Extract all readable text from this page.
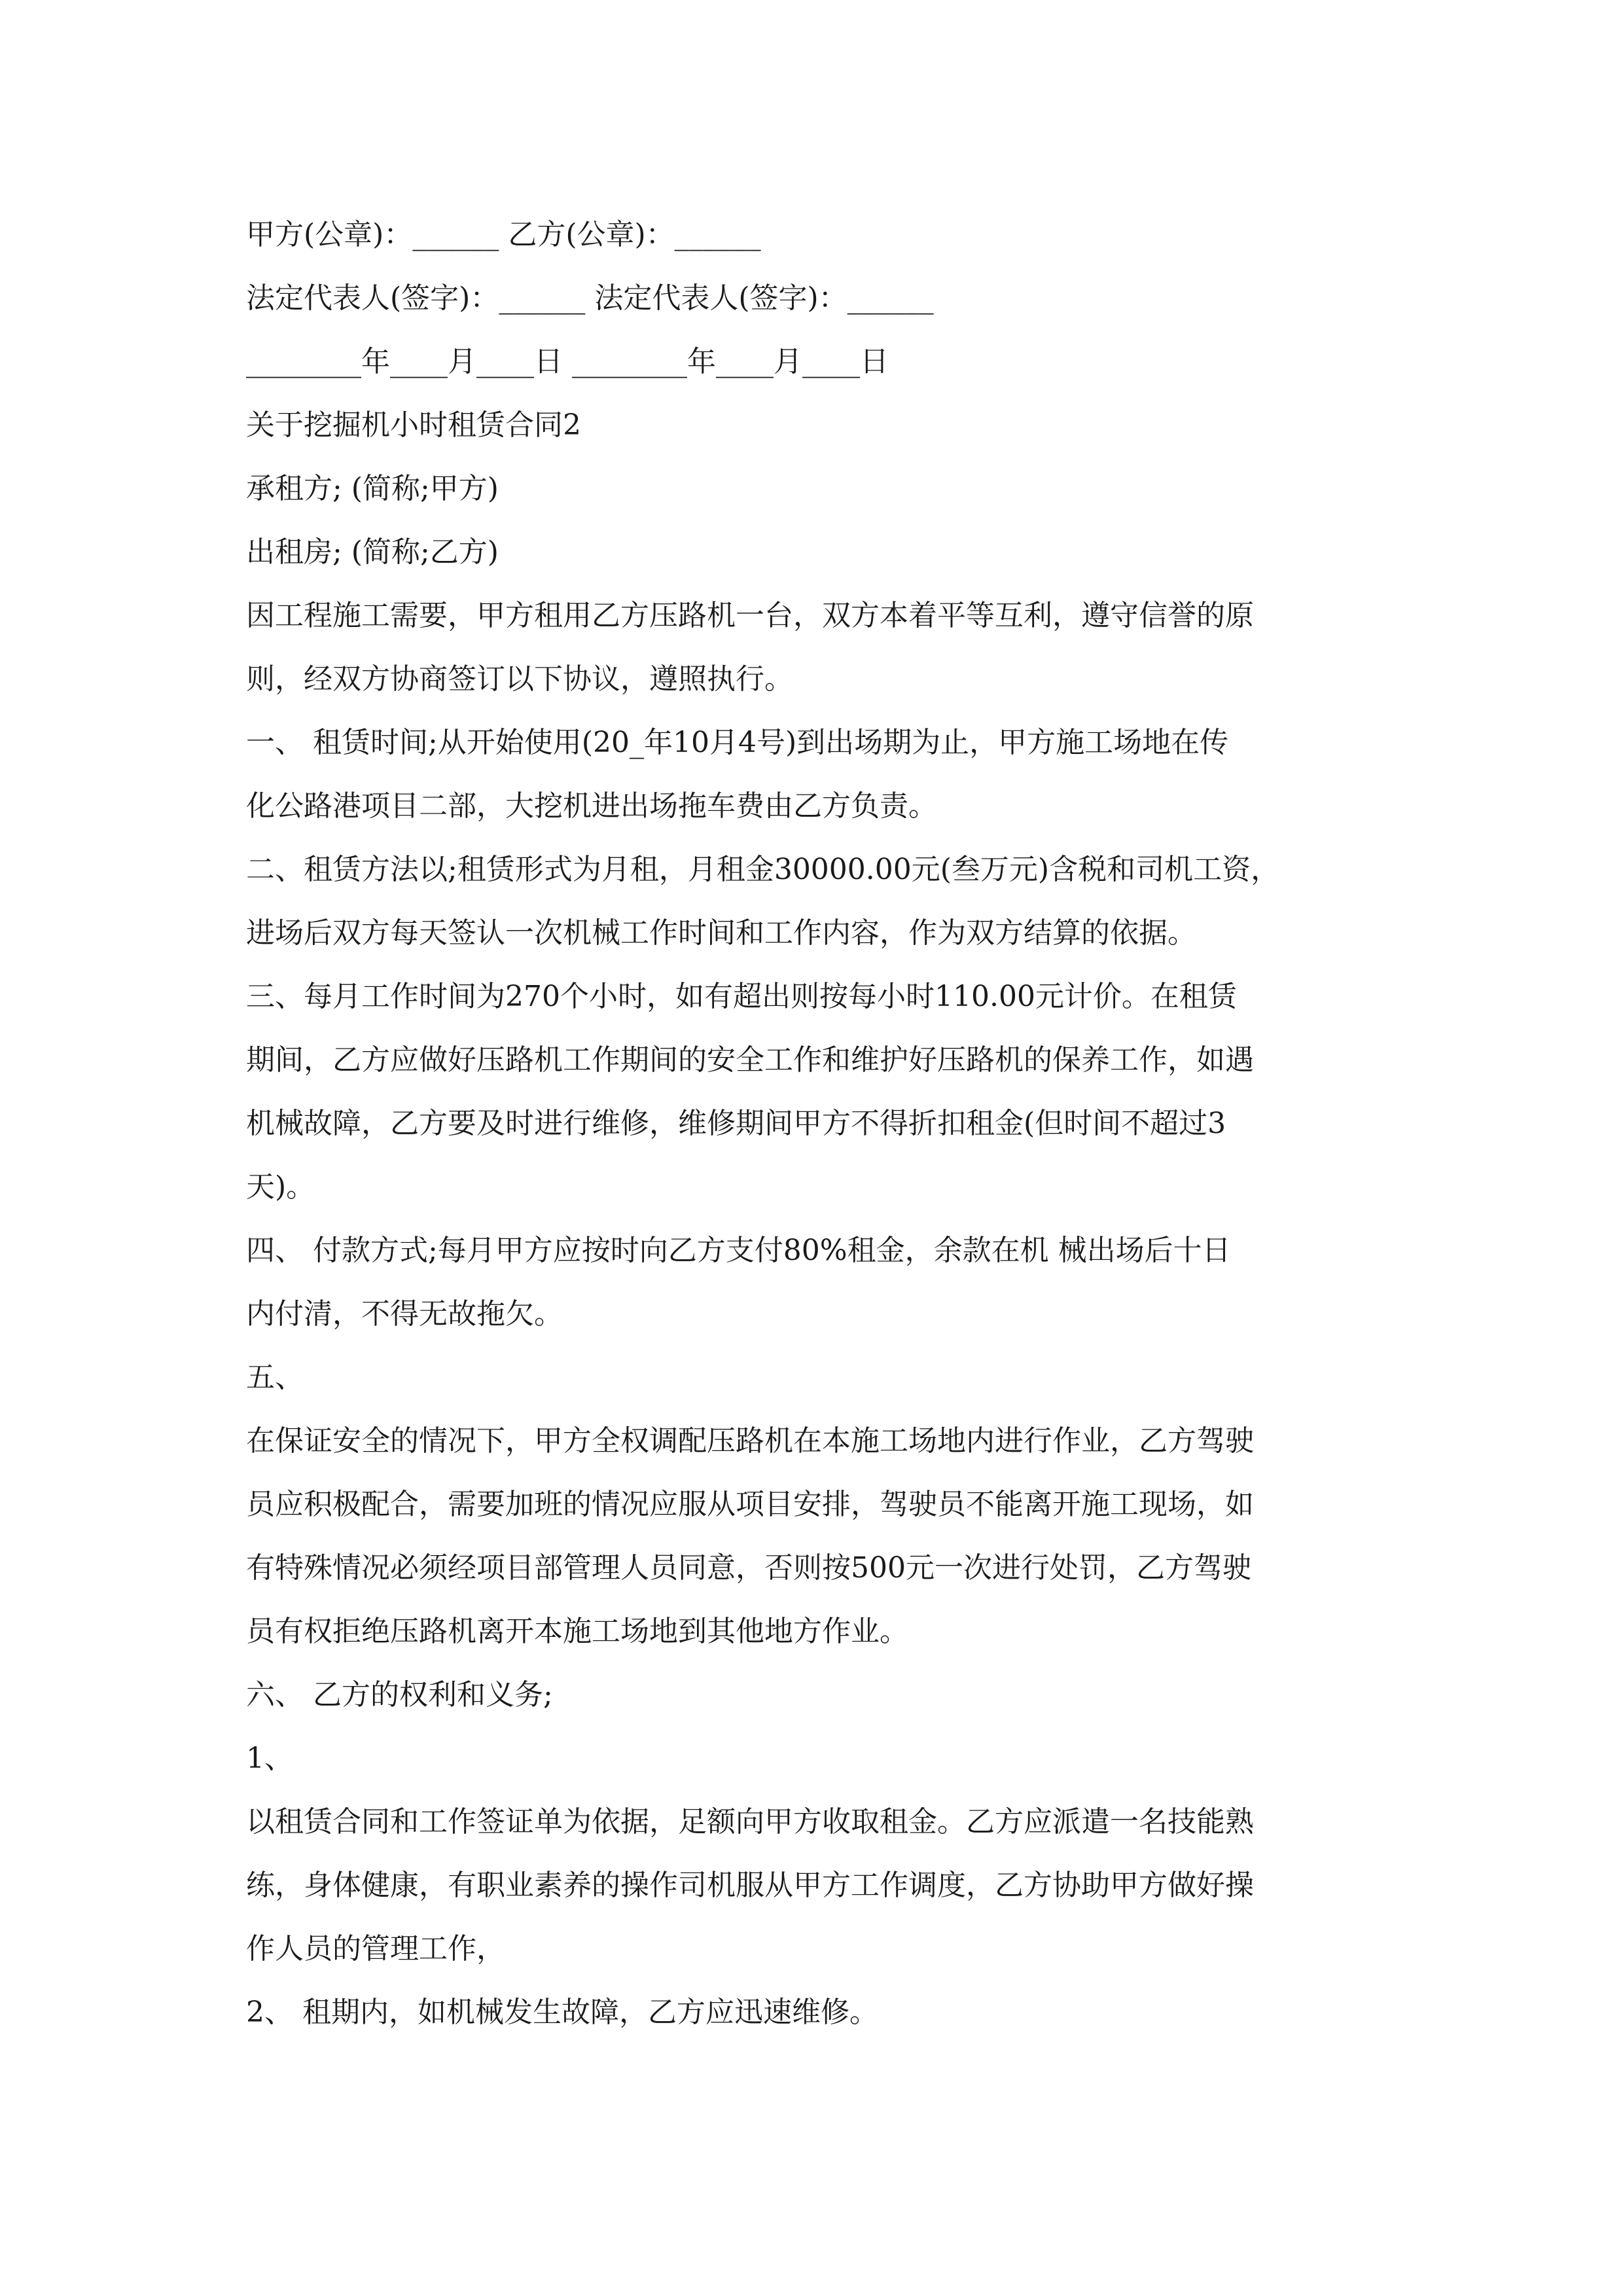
甲方(公章)：______ 乙方(公章)：______
法定代表人(签字)：______ 法定代表人(签字)：______
________年____月____日 ________年____月____日
关于挖掘机小时租赁合同2
承租方; (简称;甲方)
出租房; (简称;乙方)
因工程施工需要，甲方租用乙方压路机一台，双方本着平等互利，遵守信誉的原
则，经双方协商签订以下协议，遵照执行。
一、 租赁时间;从开始使用(20_年10月4号)到出场期为止，甲方施工场地在传
化公路港项目二部，大挖机进出场拖车费由乙方负责。
二、租赁方法以;租赁形式为月租，月租金30000.00元(叁万元)含税和司机工资，
进场后双方每天签认一次机械工作时间和工作内容，作为双方结算的依据。
三、每月工作时间为270个小时，如有超出则按每小时110.00元计价。在租赁
期间，乙方应做好压路机工作期间的安全工作和维护好压路机的保养工作，如遇
机械故障，乙方要及时进行维修，维修期间甲方不得折扣租金(但时间不超过3
天)。
四、 付款方式;每月甲方应按时向乙方支付80%租金，余款在机 械出场后十日
内付清，不得无故拖欠。
五、
在保证安全的情况下，甲方全权调配压路机在本施工场地内进行作业，乙方驾驶
员应积极配合，需要加班的情况应服从项目安排，驾驶员不能离开施工现场，如
有特殊情况必须经项目部管理人员同意，否则按500元一次进行处罚，乙方驾驶
员有权拒绝压路机离开本施工场地到其他地方作业。
六、 乙方的权利和义务;
1、
以租赁合同和工作签证单为依据，足额向甲方收取租金。乙方应派遣一名技能熟
练，身体健康，有职业素养的操作司机服从甲方工作调度，乙方协助甲方做好操
作人员的管理工作，
2、 租期内，如机械发生故障，乙方应迅速维修。
